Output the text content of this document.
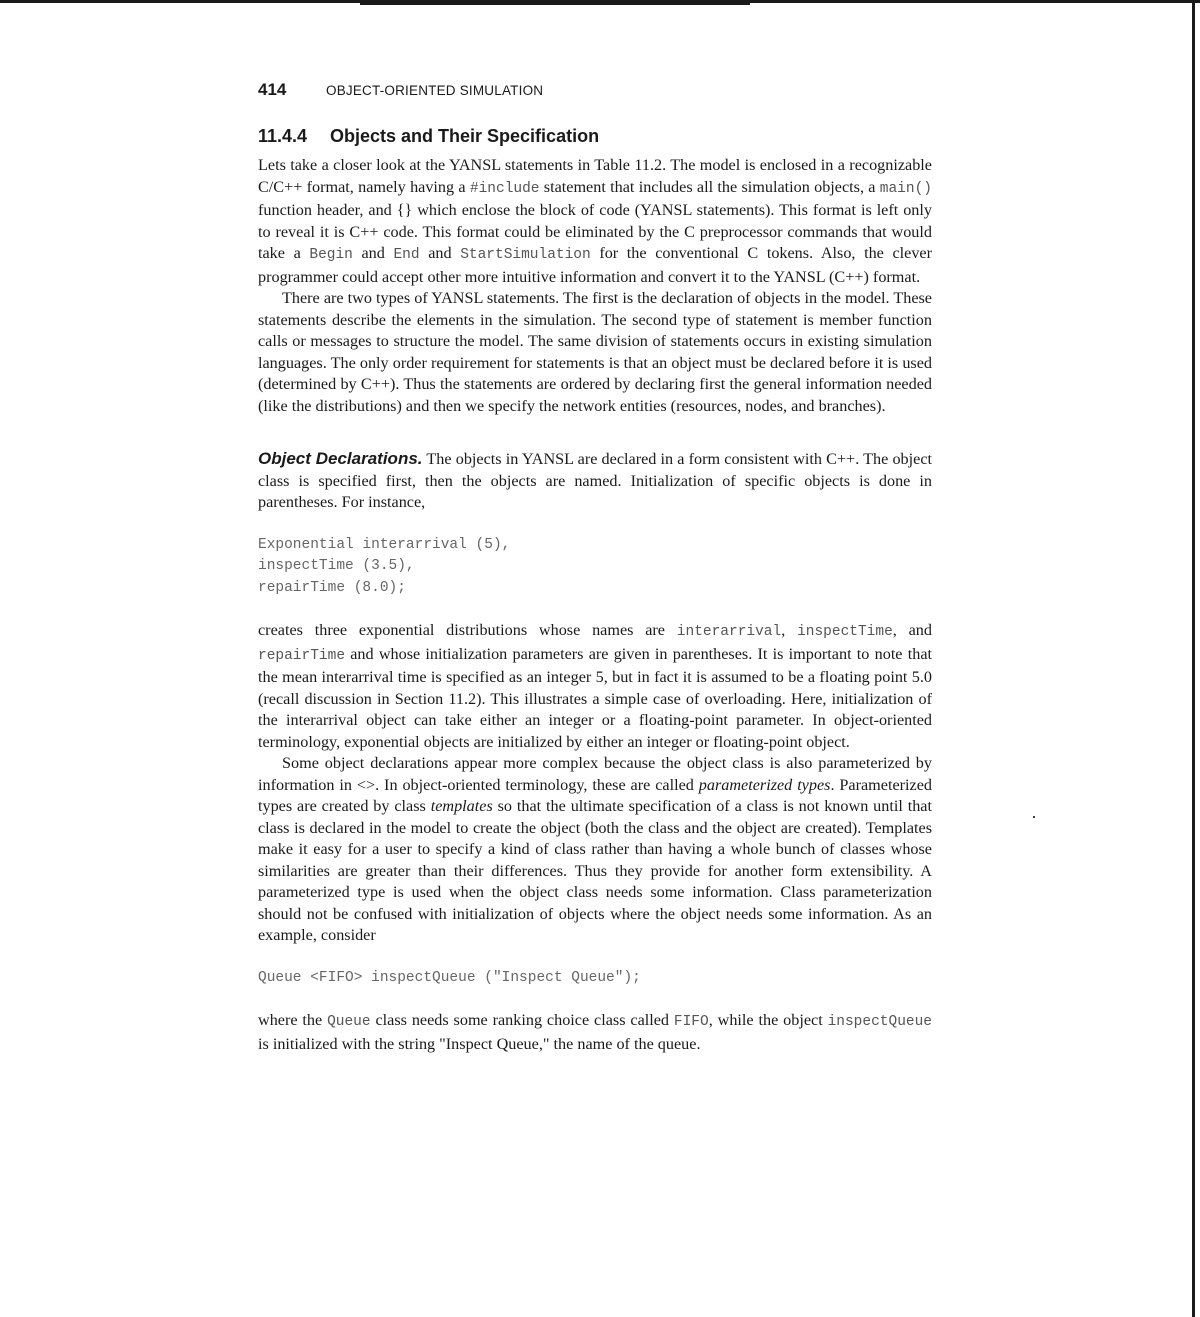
414	OBJECT-ORIENTED SIMULATION
11.4.4	Objects and Their Specification

Lets take a closer look at the YANSL statements in Table 11.2. The model is enclosed in a recognizable C/C++ format, namely having a #include statement that includes all the simulation objects, a main() function header, and {} which enclose the block of code (YANSL statements). This format is left only to reveal it is C++ code. This format could be eliminated by the C preprocessor commands that would take a Begin and End and StartSimulation for the conventional C tokens. Also, the clever programmer could accept other more intuitive information and convert it to the YANSL (C++) format.

There are two types of YANSL statements. The first is the declaration of objects in the model. These statements describe the elements in the simulation. The second type of statement is member function calls or messages to structure the model. The same division of statements occurs in existing simulation languages. The only order requirement for statements is that an object must be declared before it is used (determined by C++). Thus the statements are ordered by declaring first the general information needed (like the distributions) and then we specify the network entities (resources, nodes, and branches).

Object Declarations. The objects in YANSL are declared in a form consistent with C++. The object class is specified first, then the objects are named. Initialization of specific objects is done in parentheses. For instance,

Exponential interarrival (5),
inspectTime (3.5),
repairTime (8.0);

creates three exponential distributions whose names are interarrival, inspectTime, and repairTime and whose initialization parameters are given in parentheses. It is important to note that the mean interarrival time is specified as an integer 5, but in fact it is assumed to be a floating point 5.0 (recall discussion in Section 11.2). This illustrates a simple case of overloading. Here, initialization of the interarrival object can take either an integer or a floating-point parameter. In object-oriented terminology, exponential objects are initialized by either an integer or floating-point object.

Some object declarations appear more complex because the object class is also parameterized by information in <>. In object-oriented terminology, these are called parameterized types. Parameterized types are created by class templates so that the ultimate specification of a class is not known until that class is declared in the model to create the object (both the class and the object are created). Templates make it easy for a user to specify a kind of class rather than having a whole bunch of classes whose similarities are greater than their differences. Thus they provide for another form extensibility. A parameterized type is used when the object class needs some information. Class parameterization should not be confused with initialization of objects where the object needs some information. As an example, consider

Queue <FIFO> inspectQueue ("Inspect Queue");

where the Queue class needs some ranking choice class called FIFO, while the object inspectQueue is initialized with the string "Inspect Queue," the name of the queue.
